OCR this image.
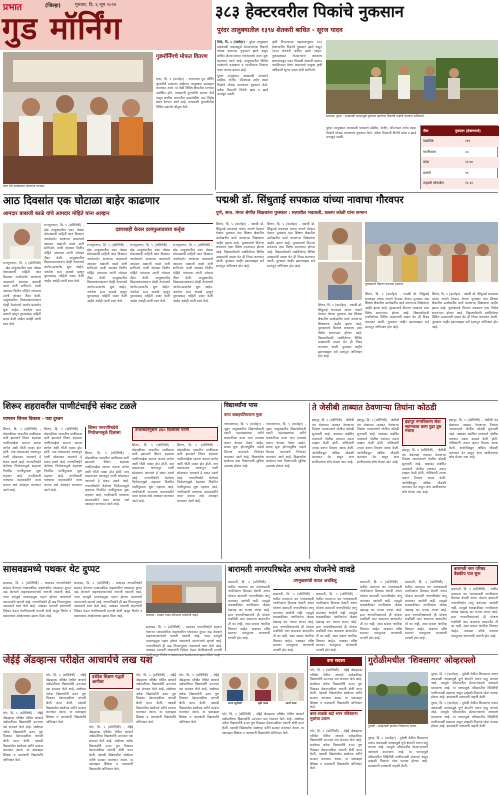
प्रभात	(जिल्हा)	गुरुवार, दि. ६ जून २०२४
गुड मॉर्निंग	३८३ हेक्टरवरील पिकांचे नुकसान
पुरंदर तालुक्यातील १३९४ शेतकरी बाधित - सूरज यादव

ठिके, दि. ५ (वार्ताहर) - पुरंदर तालुक्यात अवकाळी पावसामुळे शेतकऱ्यांच्या पिकांचे मोठ्या प्रमाणात नुकसान झाले असून बाधित शेतकऱ्यांच्या पंचनाम्यांचे काम सुरू करण्यात आले आहे. तालुक्यातील विविध गावांमध्ये फळबागा व भाजीपाला पिकांना याचा फटका बसला आहे.

पुरंदर तालुक्यात अवकाळी पावसाने डाळिंब, अंजीर, सीताफळ तसेच कांदा पिकांचे मोठ्या प्रमाणावर नुकसान केले. अनेक ठिकाणी विजेचे खांब व झाडे उन्मळून पडली.

कृषी विभागाच्या अहवालानुसार ३८३ हेक्टरवरील पिकांचे नुकसान झाले असून १३९४ शेतकरी बाधित झाले आहेत. नुकसानग्रस्त शेतकऱ्यांना लवकरच शासनाकडून मदत मिळावी यासाठी प्रस्ताव पाठविण्यात येणार असल्याचे तालुका कृषी अधिकारी सूरज यादव यांनी सांगितले.

सासवड, पुरंदर : अवकाळी पावसामुळे नुकसान झालेल्या पिकांची पाहणी करताना अधिकारी.
पीक	नुकसान (हेक्टरमध्ये)
फळपिके	२१६
भाजीपाला	८४
कांदा	५१.७०
बाजरी	१९
उन्हाळी सोयाबीन	१२.३०

पुरंदर तालुक्यात अवकाळी पावसाने डाळिंब, अंजीर, सीताफळ तसेच कांदा पिकांचे मोठ्या प्रमाणावर नुकसान केले. अनेक ठिकाणी विजेचे खांब व झाडे उन्मळून पडली.

मंचर येथे कार्यक्रमात बोलताना मान्यवर.
गुडमॉर्निंगचे मोफत वितरण

मंचर, दि. ५ (वार्ताहर) - प्रभातच्या गुड मॉर्निंग पुरवणीचे प्रकाशन आंबेगाव तालुक्यात उत्साहात करण्यात आले. या वेळी विविध क्षेत्रातील मान्यवर उपस्थित होते. वाचकांनी पुरवणीचे स्वागत केले असून ग्रामीण भागातील घडामोडींना यात विशेष स्थान देण्यात आले आहे. वाचकांनी पुरवणीतील विविध सदरांचे कौतुक केले.

आठ दिवसांत एक घोटाळा बाहेर काढणार
आमदार बाबाजी काळे यांचे आमदार मोहिते यांना आव्हान

राजगुरुनगर, दि. ५ (प्रतिनिधी) - खेड तालुक्यातील एका मोठ्या घोटाळ्याची माहिती आठ दिवसांत जनतेसमोर आणणार असल्याचे आमदार बाबाजी काळे यांनी सांगितले. माजी आमदार दिलीप मोहिते यांच्यावर त्यांनी जोरदार टीका केली. तालुक्यातील विकासकामांवरून दोन्ही नेत्यांमध्ये आरोप-प्रत्यारोप सुरू आहेत. जनतेला सत्य कळावे म्हणून पुराव्यांसह माहिती सादर केली जाईल असेही त्यांनी स्पष्ट केले.

राजगुरुनगर, दि. ५ (प्रतिनिधी) - खेड तालुक्यातील एका मोठ्या घोटाळ्याची माहिती आठ दिवसांत जनतेसमोर आणणार असल्याचे आमदार बाबाजी काळे यांनी सांगितले. माजी आमदार दिलीप मोहिते यांच्यावर त्यांनी जोरदार टीका केली. तालुक्यातील विकासकामांवरून दोन्ही नेत्यांमध्ये आरोप-प्रत्यारोप सुरू आहेत. जनतेला सत्य कळावे म्हणून पुराव्यांसह माहिती सादर केली जाईल असेही त्यांनी स्पष्ट केले.

दडपशाही केवल दलाफुलाताराय कर्तृत्व

राजगुरुनगर, दि. ५ (प्रतिनिधी) - खेड तालुक्यातील एका मोठ्या घोटाळ्याची माहिती आठ दिवसांत जनतेसमोर आणणार असल्याचे आमदार बाबाजी काळे यांनी सांगितले. माजी आमदार दिलीप मोहिते यांच्यावर त्यांनी जोरदार टीका केली. तालुक्यातील विकासकामांवरून दोन्ही नेत्यांमध्ये आरोप-प्रत्यारोप सुरू आहेत. जनतेला सत्य कळावे म्हणून पुराव्यांसह माहिती सादर केली जाईल असेही त्यांनी स्पष्ट केले.

राजगुरुनगर, दि. ५ (प्रतिनिधी) - खेड तालुक्यातील एका मोठ्या घोटाळ्याची माहिती आठ दिवसांत जनतेसमोर आणणार असल्याचे आमदार बाबाजी काळे यांनी सांगितले. माजी आमदार दिलीप मोहिते यांच्यावर त्यांनी जोरदार टीका केली. तालुक्यातील विकासकामांवरून दोन्ही नेत्यांमध्ये आरोप-प्रत्यारोप सुरू आहेत. जनतेला सत्य कळावे म्हणून पुराव्यांसह माहिती सादर केली जाईल असेही त्यांनी स्पष्ट केले.

राजगुरुनगर, दि. ५ (प्रतिनिधी) - खेड तालुक्यातील एका मोठ्या घोटाळ्याची माहिती आठ दिवसांत जनतेसमोर आणणार असल्याचे आमदार बाबाजी काळे यांनी सांगितले. माजी आमदार दिलीप मोहिते यांच्यावर त्यांनी जोरदार टीका केली. तालुक्यातील विकासकामांवरून दोन्ही नेत्यांमध्ये आरोप-प्रत्यारोप सुरू आहेत. जनतेला सत्य कळावे म्हणून पुराव्यांसह माहिती सादर केली जाईल असेही त्यांनी स्पष्ट केले.

पद्मश्री डॉ. सिंधुताई सपकाळ यांच्या नावाचा गौरवपर
पुणे, सप्त. मंगल श्रेणीत शिक्षकांना पुरस्कार : सत्यशील भवताली, यल्लप कोळी यांना सन्मान

शिरूर, दि. ५ (वार्ताहर) - पद्मश्री डॉ. सिंधुताई सपकाळ यांच्या नावाने देण्यात येणारा पुरस्कार यंदा शिक्षण क्षेत्रातील उल्लेखनीय कार्य करणाऱ्या शिक्षकांना जाहीर झाला आहे. पुरस्काराचे वितरण लवकरच एका विशेष समारंभात होणार आहे. विद्यार्थ्यांसाठी राबविलेल्या विविध उपक्रमांची दखल घेत ही निवड करण्यात आली. पुरस्कार जाहीर झाल्याबद्दल सर्व स्तरांतून अभिनंदन होत आहे.

शिरूर, दि. ५ (वार्ताहर) - पद्मश्री डॉ. सिंधुताई सपकाळ यांच्या नावाने देण्यात येणारा पुरस्कार यंदा शिक्षण क्षेत्रातील उल्लेखनीय कार्य करणाऱ्या शिक्षकांना जाहीर झाला आहे. पुरस्काराचे वितरण लवकरच एका विशेष समारंभात होणार आहे. विद्यार्थ्यांसाठी राबविलेल्या विविध उपक्रमांची दखल घेत ही निवड करण्यात आली. पुरस्कार जाहीर झाल्याबद्दल सर्व स्तरांतून अभिनंदन होत आहे.

शिरूर, दि. ५ (वार्ताहर) - पद्मश्री डॉ. सिंधुताई सपकाळ यांच्या नावाने देण्यात येणारा पुरस्कार यंदा शिक्षण क्षेत्रातील उल्लेखनीय कार्य करणाऱ्या शिक्षकांना जाहीर झाला आहे. पुरस्काराचे वितरण लवकरच एका विशेष समारंभात होणार आहे. विद्यार्थ्यांसाठी राबविलेल्या विविध उपक्रमांची दखल घेत ही निवड करण्यात आली. पुरस्कार जाहीर झाल्याबद्दल सर्व स्तरांतून अभिनंदन होत आहे.

पुरस्काराचे वितरण करताना मान्यवर.

शिरूर, दि. ५ (वार्ताहर) - पद्मश्री डॉ. सिंधुताई सपकाळ यांच्या नावाने देण्यात येणारा पुरस्कार यंदा शिक्षण क्षेत्रातील उल्लेखनीय कार्य करणाऱ्या शिक्षकांना जाहीर झाला आहे. पुरस्काराचे वितरण लवकरच एका विशेष समारंभात होणार आहे. विद्यार्थ्यांसाठी राबविलेल्या विविध उपक्रमांची दखल घेत ही निवड करण्यात आली. पुरस्कार जाहीर झाल्याबद्दल सर्व स्तरांतून अभिनंदन होत आहे.

शिरूर, दि. ५ (वार्ताहर) - पद्मश्री डॉ. सिंधुताई सपकाळ यांच्या नावाने देण्यात येणारा पुरस्कार यंदा शिक्षण क्षेत्रातील उल्लेखनीय कार्य करणाऱ्या शिक्षकांना जाहीर झाला आहे. पुरस्काराचे वितरण लवकरच एका विशेष समारंभात होणार आहे. विद्यार्थ्यांसाठी राबविलेल्या विविध उपक्रमांची दखल घेत ही निवड करण्यात आली. पुरस्कार जाहीर झाल्याबद्दल सर्व स्तरांतून अभिनंदन होत आहे.

शिरूर शहरावरील पाणीटंचाईचे संकट टळले
पाणवन जिनल विकास - पवा दुश्वन

शिरूर, दि. ५ (प्रतिनिधी) - घोडनदीच्या पात्रातील पाणीसाठा कमी झाल्याने शिरूर शहराला पाणीटंचाईचा सामना करावा लागेल अशी भीती व्यक्त होत होती. मात्र चासकमान धरणातून पाणी सोडण्यात आल्याने हे संकट टळले आहे. नगरपरिषदेने केलेल्या नियोजनामुळे शहराला नियमित पाणीपुरवठा सुरू राहणार आहे. नागरिकांनी पाण्याचा काटकसरीने वापर करावा असे आवाहन करण्यात आले आहे.

शिरूर, दि. ५ (प्रतिनिधी) - घोडनदीच्या पात्रातील पाणीसाठा कमी झाल्याने शिरूर शहराला पाणीटंचाईचा सामना करावा लागेल अशी भीती व्यक्त होत होती. मात्र चासकमान धरणातून पाणी सोडण्यात आल्याने हे संकट टळले आहे. नगरपरिषदेने केलेल्या नियोजनामुळे शहराला नियमित पाणीपुरवठा सुरू राहणार आहे. नागरिकांनी पाण्याचा काटकसरीने वापर करावा असे आवाहन करण्यात आले आहे.

शिरूर नगरपरिषदेचे नियोजनामुळे दिलासा

शिरूर, दि. ५ (प्रतिनिधी) - घोडनदीच्या पात्रातील पाणीसाठा कमी झाल्याने शिरूर शहराला पाणीटंचाईचा सामना करावा लागेल अशी भीती व्यक्त होत होती. मात्र चासकमान धरणातून पाणी सोडण्यात आल्याने हे संकट टळले आहे. नगरपरिषदेने केलेल्या नियोजनामुळे शहराला नियमित पाणीपुरवठा सुरू राहणार आहे. नागरिकांनी पाण्याचा काटकसरीने वापर करावा असे आवाहन करण्यात आले आहे.

उपलब्धतेनुसार ३६० दिवसांचे पाणी

शिरूर, दि. ५ (प्रतिनिधी) - घोडनदीच्या पात्रातील पाणीसाठा कमी झाल्याने शिरूर शहराला पाणीटंचाईचा सामना करावा लागेल अशी भीती व्यक्त होत होती. मात्र चासकमान धरणातून पाणी सोडण्यात आल्याने हे संकट टळले आहे. नगरपरिषदेने केलेल्या नियोजनामुळे शहराला नियमित पाणीपुरवठा सुरू राहणार आहे. नागरिकांनी पाण्याचा काटकसरीने वापर करावा असे आवाहन करण्यात आले आहे.

शिरूर, दि. ५ (प्रतिनिधी) - घोडनदीच्या पात्रातील पाणीसाठा कमी झाल्याने शिरूर शहराला पाणीटंचाईचा सामना करावा लागेल अशी भीती व्यक्त होत होती. मात्र चासकमान धरणातून पाणी सोडण्यात आल्याने हे संकट टळले आहे. नगरपरिषदेने केलेल्या नियोजनामुळे शहराला नियमित पाणीपुरवठा सुरू राहणार आहे. नागरिकांनी पाण्याचा काटकसरीने वापर करावा असे आवाहन करण्यात आले आहे.

विद्यार्थ्यांना पास
पाया जवाहरलिपपाना मुला

नारायणगाव, दि. ५ (वार्ताहर) - जुन्नर तालुक्यातील विद्यार्थ्यांसाठी एसटी महामंडळाच्या वतीने सवलतीच्या दरात पास उपलब्ध करून देण्यात येणार आहेत. शाळा सुरू होण्यापूर्वीच पासचे वितरण करण्याचे नियोजन करण्यात आले आहे. विद्यार्थ्यांना शाळेतच पास मिळण्याची सुविधा उपलब्ध होणार आहे.

नारायणगाव, दि. ५ (वार्ताहर) - जुन्नर तालुक्यातील विद्यार्थ्यांसाठी एसटी महामंडळाच्या वतीने सवलतीच्या दरात पास उपलब्ध करून देण्यात येणार आहेत. शाळा सुरू होण्यापूर्वीच पासचे वितरण करण्याचे नियोजन करण्यात आले आहे. विद्यार्थ्यांना शाळेतच पास मिळण्याची सुविधा उपलब्ध होणार आहे.

ते जेसीबी ताब्यात ठेवणाऱ्या तिघांना कोठडी

इंदापूर, दि. ५ (प्रतिनिधी) - जेसीबी यंत्र बेकायदा ताब्यात ठेवणाऱ्या तिघांना न्यायालयाने पोलीस कोठडी सुनावली आहे. याबाबत संबंधित मालकाने पोलीस ठाण्यात तक्रार दाखल केली होती. पोलिसांनी तपास करून तिघांना अटक केली. आरोपींकडून अधिक चौकशी करण्यात येत असून अन्य साथीदारांचा शोध घेतला जात आहे.

इंदापूर, दि. ५ (प्रतिनिधी) - जेसीबी यंत्र बेकायदा ताब्यात ठेवणाऱ्या तिघांना न्यायालयाने पोलीस कोठडी सुनावली आहे. याबाबत संबंधित मालकाने पोलीस ठाण्यात तक्रार दाखल केली होती. पोलिसांनी तपास करून तिघांना अटक केली. आरोपींकडून अधिक चौकशी करण्यात येत असून अन्य साथीदारांचा शोध घेतला जात आहे.

इंदापूर नगरवितरण सेवा स्थानकात काम पुढा दुस मंचला

इंदापूर, दि. ५ (प्रतिनिधी) - जेसीबी यंत्र बेकायदा ताब्यात ठेवणाऱ्या तिघांना न्यायालयाने पोलीस कोठडी सुनावली आहे. याबाबत संबंधित मालकाने पोलीस ठाण्यात तक्रार दाखल केली होती. पोलिसांनी तपास करून तिघांना अटक केली. आरोपींकडून अधिक चौकशी करण्यात येत असून अन्य साथीदारांचा शोध घेतला जात आहे.

इंदापूर, दि. ५ (प्रतिनिधी) - जेसीबी यंत्र बेकायदा ताब्यात ठेवणाऱ्या तिघांना न्यायालयाने पोलीस कोठडी सुनावली आहे. याबाबत संबंधित मालकाने पोलीस ठाण्यात तक्रार दाखल केली होती. पोलिसांनी तपास करून तिघांना अटक केली. आरोपींकडून अधिक चौकशी करण्यात येत असून अन्य साथीदारांचा शोध घेतला जात आहे.

सासवडमध्ये पथकर थेट दुप्पट

सासवड, दि. ५ (प्रतिनिधी) - सासवड नगरपरिषदेने शहरात येणाऱ्या व्यावसायिक वाहनांवरील पथकरात दुप्पट वाढ केल्याने वाहनचालकांमध्ये नाराजी पसरली आहे. नव्या दरांमुळे मालवाहतूक महाग होणार असल्याचे व्यापाऱ्यांचे म्हणणे आहे. नगरपरिषदेने ही वाढ नियमानुसार असल्याचे स्पष्ट केले आहे. याबाबत व्यापारी संघटनांनी निवेदन देऊन फेरविचाराची मागणी केली असून निर्णय न बदलल्यास आंदोलनाचा इशारा दिला आहे.

सासवड, दि. ५ (प्रतिनिधी) - सासवड नगरपरिषदेने शहरात येणाऱ्या व्यावसायिक वाहनांवरील पथकरात दुप्पट वाढ केल्याने वाहनचालकांमध्ये नाराजी पसरली आहे. नव्या दरांमुळे मालवाहतूक महाग होणार असल्याचे व्यापाऱ्यांचे म्हणणे आहे. नगरपरिषदेने ही वाढ नियमानुसार असल्याचे स्पष्ट केले आहे. याबाबत व्यापारी संघटनांनी निवेदन देऊन फेरविचाराची मागणी केली असून निर्णय न बदलल्यास आंदोलनाचा इशारा दिला आहे.	सासवड : पथकर नाका परिसरात थांबलेली वाहने.

सासवड, दि. ५ (प्रतिनिधी) - सासवड नगरपरिषदेने शहरात येणाऱ्या व्यावसायिक वाहनांवरील पथकरात दुप्पट वाढ केल्याने वाहनचालकांमध्ये नाराजी पसरली आहे. नव्या दरांमुळे मालवाहतूक महाग होणार असल्याचे व्यापाऱ्यांचे म्हणणे आहे. नगरपरिषदेने ही वाढ नियमानुसार असल्याचे स्पष्ट केले आहे. याबाबत व्यापारी संघटनांनी निवेदन देऊन फेरविचाराची मागणी केली असून निर्णय न बदलल्यास आंदोलनाचा इशारा दिला आहे.

बारामती नगरपरिषदेत अभय योजनेचे वावडे

बारामती, दि. ५ (प्रतिनिधी) - थकीत मालमत्ता कर भरण्यासाठी नागरिकांना दिलासा देणारी अभय योजना बारामती नगरपरिषदेत लागू करण्यात आलेली नाही. त्यामुळे थकबाकीदार नागरिकांना मोठ्या दंडासह कर भरावा लागत आहे. इतर नगरपरिषदांमध्ये ही योजना राबविली जात असताना बारामतीत ती का नाही, असा सवाल नागरिक विचारत आहेत. याबाबत वरिष्ठ स्तरावर पाठपुरावा करण्याची मागणी होत आहे.

उपमुख्यमंत्री यावत अचंबिलू

बारामती, दि. ५ (प्रतिनिधी) - थकीत मालमत्ता कर भरण्यासाठी नागरिकांना दिलासा देणारी अभय योजना बारामती नगरपरिषदेत लागू करण्यात आलेली नाही. त्यामुळे थकबाकीदार नागरिकांना मोठ्या दंडासह कर भरावा लागत आहे. इतर नगरपरिषदांमध्ये ही योजना राबविली जात असताना बारामतीत ती का नाही, असा सवाल नागरिक विचारत आहेत. याबाबत वरिष्ठ स्तरावर पाठपुरावा करण्याची मागणी होत आहे.

बारामती, दि. ५ (प्रतिनिधी) - थकीत मालमत्ता कर भरण्यासाठी नागरिकांना दिलासा देणारी अभय योजना बारामती नगरपरिषदेत लागू करण्यात आलेली नाही. त्यामुळे थकबाकीदार नागरिकांना मोठ्या दंडासह कर भरावा लागत आहे. इतर नगरपरिषदांमध्ये ही योजना राबविली जात असताना बारामतीत ती का नाही, असा सवाल नागरिक विचारत आहेत. याबाबत वरिष्ठ स्तरावर पाठपुरावा करण्याची मागणी होत आहे.

बारामती, दि. ५ (प्रतिनिधी) - थकीत मालमत्ता कर भरण्यासाठी नागरिकांना दिलासा देणारी अभय योजना बारामती नगरपरिषदेत लागू करण्यात आलेली नाही. त्यामुळे थकबाकीदार नागरिकांना मोठ्या दंडासह कर भरावा लागत आहे. इतर नगरपरिषदांमध्ये ही योजना राबविली जात असताना बारामतीत ती का नाही, असा सवाल नागरिक विचारत आहेत. याबाबत वरिष्ठ स्तरावर पाठपुरावा करण्याची मागणी होत आहे.

बारामती, दि. ५ (प्रतिनिधी) - थकीत मालमत्ता कर भरण्यासाठी नागरिकांना दिलासा देणारी अभय योजना बारामती नगरपरिषदेत लागू करण्यात आलेली नाही. त्यामुळे थकबाकीदार नागरिकांना मोठ्या दंडासह कर भरावा लागत आहे. इतर नगरपरिषदांमध्ये ही योजना राबविली जात असताना बारामतीत ती का नाही, असा सवाल नागरिक विचारत आहेत. याबाबत वरिष्ठ स्तरावर पाठपुरावा करण्याची मागणी होत आहे.

बारामती नगर परिषद वैद्यकीय पात्र सुरू

बारामती, दि. ५ (प्रतिनिधी) - थकीत मालमत्ता कर भरण्यासाठी नागरिकांना दिलासा देणारी अभय योजना बारामती नगरपरिषदेत लागू करण्यात आलेली नाही. त्यामुळे थकबाकीदार नागरिकांना मोठ्या दंडासह कर भरावा लागत आहे. इतर नगरपरिषदांमध्ये ही योजना राबविली जात असताना बारामतीत ती का नाही, असा सवाल नागरिक विचारत आहेत. याबाबत वरिष्ठ स्तरावर पाठपुरावा करण्याची मागणी होत आहे.

जेईई ॲडव्हान्स परीक्षेत आचार्यचे लख यश

भोर, दि. ५ (प्रतिनिधी) - जेईई ॲडव्हान्स परीक्षेत येथील आचार्य अकॅडमीच्या विद्यार्थ्यांनी उज्ज्वल यश संपादन केले आहे. संस्थेच्या अनेक विद्यार्थ्यांनी उत्तम गुण मिळवत देशपातळीवर चांगली श्रेणी प्राप्त केली. यशस्वी विद्यार्थ्यांचा संस्थेच्या वतीने सत्कार करण्यात आला. या यशाबद्दल शिक्षक व पालकांनी विद्यार्थ्यांचे अभिनंदन केले.

भोर, दि. ५ (प्रतिनिधी) - जेईई ॲडव्हान्स परीक्षेत येथील आचार्य अकॅडमीच्या विद्यार्थ्यांनी उज्ज्वल यश संपादन केले आहे. संस्थेच्या अनेक विद्यार्थ्यांनी उत्तम गुण मिळवत देशपातळीवर चांगली श्रेणी प्राप्त केली. यशस्वी विद्यार्थ्यांचा संस्थेच्या वतीने सत्कार करण्यात आला. या यशाबद्दल शिक्षक व पालकांनी विद्यार्थ्यांचे अभिनंदन केले.

दशेदेश शिक्षण पद्धती आगीवर

भोर, दि. ५ (प्रतिनिधी) - जेईई ॲडव्हान्स परीक्षेत येथील आचार्य अकॅडमीच्या विद्यार्थ्यांनी उज्ज्वल यश संपादन केले आहे. संस्थेच्या अनेक विद्यार्थ्यांनी उत्तम गुण मिळवत देशपातळीवर चांगली श्रेणी प्राप्त केली. यशस्वी विद्यार्थ्यांचा संस्थेच्या वतीने सत्कार करण्यात आला. या यशाबद्दल शिक्षक व पालकांनी विद्यार्थ्यांचे अभिनंदन केले.

भोर, दि. ५ (प्रतिनिधी) - जेईई ॲडव्हान्स परीक्षेत येथील आचार्य अकॅडमीच्या विद्यार्थ्यांनी उज्ज्वल यश संपादन केले आहे. संस्थेच्या अनेक विद्यार्थ्यांनी उत्तम गुण मिळवत देशपातळीवर चांगली श्रेणी प्राप्त केली. यशस्वी विद्यार्थ्यांचा संस्थेच्या वतीने सत्कार करण्यात आला. या यशाबद्दल शिक्षक व पालकांनी विद्यार्थ्यांचे अभिनंदन केले.

भोर, दि. ५ (प्रतिनिधी) - जेईई ॲडव्हान्स परीक्षेत येथील आचार्य अकॅडमीच्या विद्यार्थ्यांनी उज्ज्वल यश संपादन केले आहे. संस्थेच्या अनेक विद्यार्थ्यांनी उत्तम गुण मिळवत देशपातळीवर चांगली श्रेणी प्राप्त केली. यशस्वी विद्यार्थ्यांचा संस्थेच्या वतीने सत्कार करण्यात आला. या यशाबद्दल शिक्षक व पालकांनी विद्यार्थ्यांचे अभिनंदन केले.

प्रणव सूर्यवंशी	सृष्टी काळे	आर्या पवार

भोर, दि. ५ (प्रतिनिधी) - जेईई ॲडव्हान्स परीक्षेत येथील आचार्य अकॅडमीच्या विद्यार्थ्यांनी उज्ज्वल यश संपादन केले आहे. संस्थेच्या अनेक विद्यार्थ्यांनी उत्तम गुण मिळवत देशपातळीवर चांगली श्रेणी प्राप्त केली. यशस्वी विद्यार्थ्यांचा संस्थेच्या वतीने सत्कार करण्यात आला. या यशाबद्दल शिक्षक व पालकांनी विद्यार्थ्यांचे अभिनंदन केले.

डगा सदस्य

भोर, दि. ५ (प्रतिनिधी) - जेईई ॲडव्हान्स परीक्षेत येथील आचार्य अकॅडमीच्या विद्यार्थ्यांनी उज्ज्वल यश संपादन केले आहे. संस्थेच्या अनेक विद्यार्थ्यांनी उत्तम गुण मिळवत देशपातळीवर चांगली श्रेणी प्राप्त केली. यशस्वी विद्यार्थ्यांचा संस्थेच्या वतीने सत्कार करण्यात आला. या यशाबद्दल शिक्षक व पालकांनी विद्यार्थ्यांचे अभिनंदन केले.

बाल-लाडके बदो भरन नविस्ताना मुलांचा प्रयत्न

भोर, दि. ५ (प्रतिनिधी) - जेईई ॲडव्हान्स परीक्षेत येथील आचार्य अकॅडमीच्या विद्यार्थ्यांनी उज्ज्वल यश संपादन केले आहे. संस्थेच्या अनेक विद्यार्थ्यांनी उत्तम गुण मिळवत देशपातळीवर चांगली श्रेणी प्राप्त केली. यशस्वी विद्यार्थ्यांचा संस्थेच्या वतीने सत्कार करण्यात आला. या यशाबद्दल शिक्षक व पालकांनी विद्यार्थ्यांचे अभिनंदन केले.

गुरोळीमधील 'शिवसागर' ओव्हरफ्लो
गुरोळी : ओव्हरफ्लो झालेला शिवसागर तलाव.

पुरंदर, दि. ५ (वार्ताहर) - गुरोळी येथील शिवसागर तलाव अवकाळी पावसामुळे पूर्ण क्षमतेने भरून वाहू लागला आहे. त्यामुळे परिसरातील शेतकऱ्यांमध्ये आनंदाचे वातावरण आहे. या पाण्यामुळे परिसरातील विहिरींची पाणीपातळी वाढणार असून उन्हाळी पिकांना मोठा फायदा होणार आहे. ग्रामस्थांनी तलावाची पाहणी केली.

पुरंदर, दि. ५ (वार्ताहर) - गुरोळी येथील शिवसागर तलाव अवकाळी पावसामुळे पूर्ण क्षमतेने भरून वाहू लागला आहे. त्यामुळे परिसरातील शेतकऱ्यांमध्ये आनंदाचे वातावरण आहे. या पाण्यामुळे परिसरातील विहिरींची पाणीपातळी वाढणार असून उन्हाळी पिकांना मोठा फायदा होणार आहे. ग्रामस्थांनी तलावाची पाहणी केली.

पुरंदर, दि. ५ (वार्ताहर) - गुरोळी येथील शिवसागर तलाव अवकाळी पावसामुळे पूर्ण क्षमतेने भरून वाहू लागला आहे. त्यामुळे परिसरातील शेतकऱ्यांमध्ये आनंदाचे वातावरण आहे. या पाण्यामुळे परिसरातील विहिरींची पाणीपातळी वाढणार असून उन्हाळी पिकांना मोठा फायदा होणार आहे. ग्रामस्थांनी तलावाची पाहणी केली.
